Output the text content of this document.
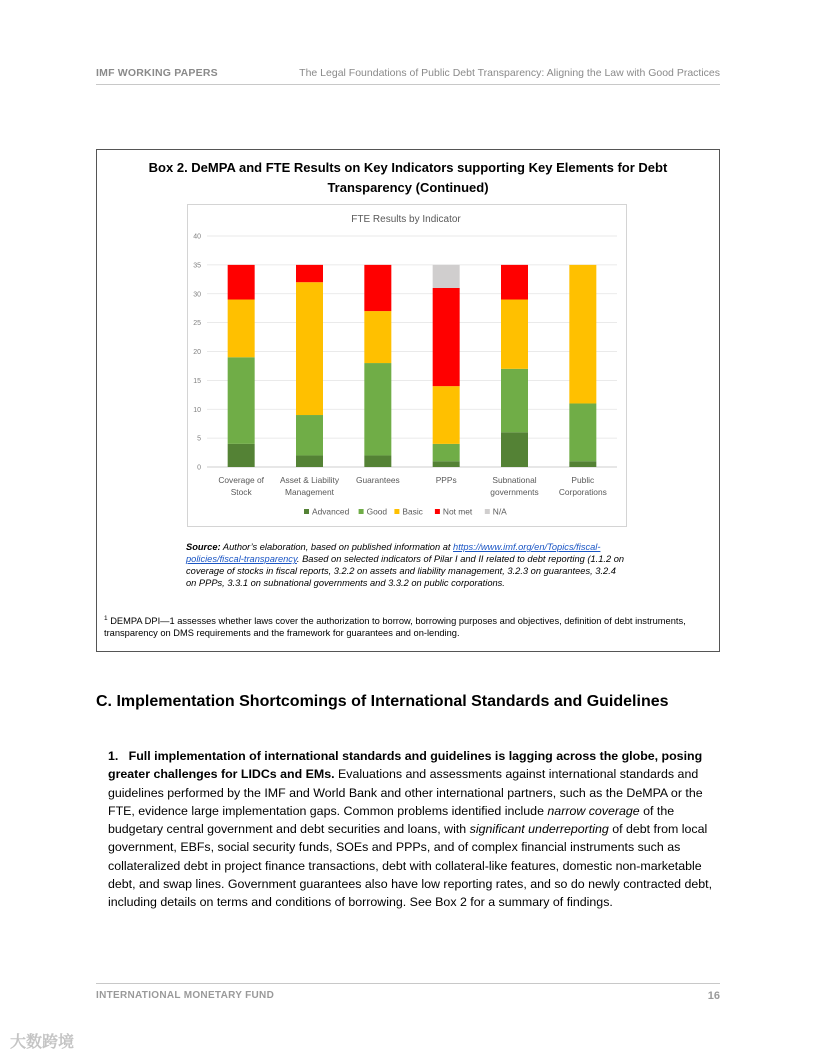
IMF WORKING PAPERS	The Legal Foundations of Public Debt Transparency: Aligning the Law with Good Practices
Box 2. DeMPA and FTE Results on Key Indicators supporting Key Elements for Debt Transparency (Continued)
FTE Results by Indicator
0
5
10
15
20
25
30
35
40
Coverage of
Stock
Asset & Liability
Management
Guarantees	PPPs	Subnational
governments
Public
Corporations
Advanced Good Basic Not met N/A
Source: Author’s elaboration, based on published information at https://www.imf.org/en/Topics/fiscal-policies/fiscal-transparency. Based on selected indicators of Pilar I and II related to debt reporting (1.1.2 on coverage of stocks in fiscal reports, 3.2.2 on assets and liability management, 3.2.3 on guarantees, 3.2.4 on PPPs, 3.3.1 on subnational governments and 3.3.2 on public corporations.
$^1$ DEMPA DPI—1 assesses whether laws cover the authorization to borrow, borrowing purposes and objectives, definition of debt instruments, transparency on DMS requirements and the framework for guarantees and on-lending.
C. Implementation Shortcomings of International Standards and Guidelines
1. Full implementation of international standards and guidelines is lagging across the globe, posing greater challenges for LIDCs and EMs. Evaluations and assessments against international standards and guidelines performed by the IMF and World Bank and other international partners, such as the DeMPA or the FTE, evidence large implementation gaps. Common problems identified include narrow coverage of the budgetary central government and debt securities and loans, with significant underreporting of debt from local government, EBFs, social security funds, SOEs and PPPs, and of complex financial instruments such as collateralized debt in project finance transactions, debt with collateral-like features, domestic non-marketable debt, and swap lines. Government guarantees also have low reporting rates, and so do newly contracted debt, including details on terms and conditions of borrowing. See Box 2 for a summary of findings.
INTERNATIONAL MONETARY FUND	16
大数跨境
